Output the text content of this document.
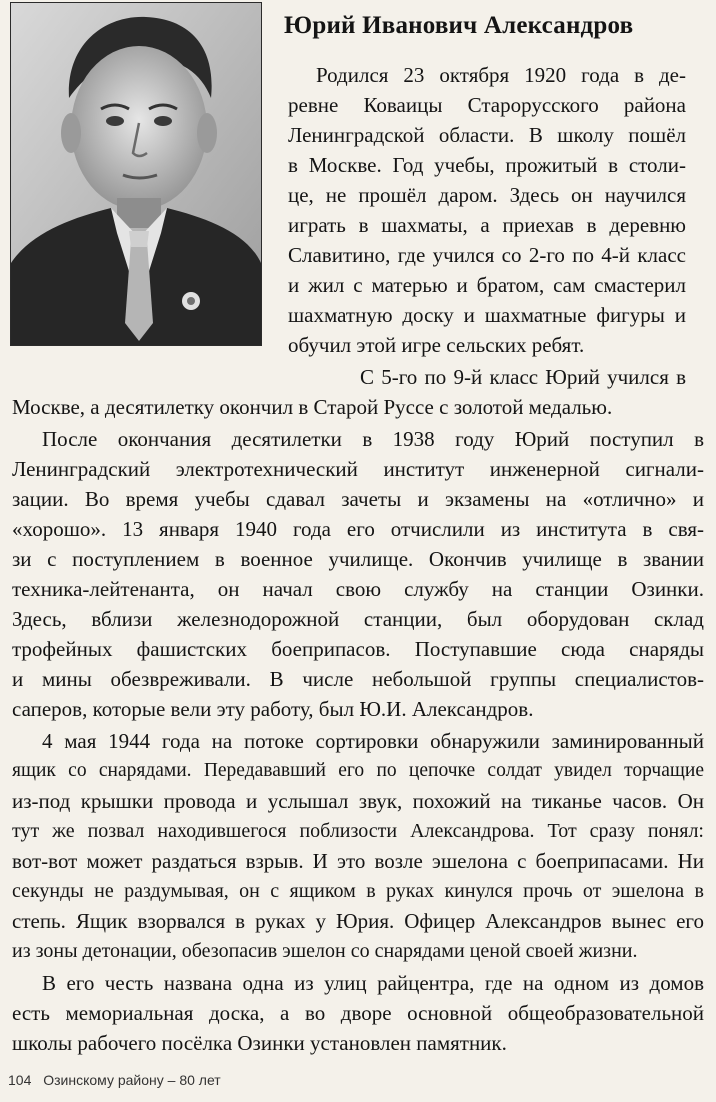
Юрий Иванович Александров
Родился 23 октября 1920 года в де-
ревне Коваицы Старорусского района
Ленинградской области. В школу пошёл
в Москве. Год учебы, прожитый в столи-
це, не прошёл даром. Здесь он научился
играть в шахматы, а приехав в деревню
Славитино, где учился со 2-го по 4-й класс
и жил с матерью и братом, сам смастерил
шахматную доску и шахматные фигуры и
обучил этой игре сельских ребят.
С 5-го по 9-й класс Юрий учился в
Москве, а десятилетку окончил в Старой Руссе с золотой медалью.
После окончания десятилетки в 1938 году Юрий поступил в
Ленинградский электротехнический институт инженерной сигнали-
зации. Во время учебы сдавал зачеты и экзамены на «отлично» и
«хорошо». 13 января 1940 года его отчислили из института в свя-
зи с поступлением в военное училище. Окончив училище в звании
техника-лейтенанта, он начал свою службу на станции Озинки.
Здесь, вблизи железнодорожной станции, был оборудован склад
трофейных фашистских боеприпасов. Поступавшие сюда снаряды
и мины обезвреживали. В числе небольшой группы специалистов-
саперов, которые вели эту работу, был Ю.И. Александров.
4 мая 1944 года на потоке сортировки обнаружили заминированный
ящик со снарядами. Передававший его по цепочке солдат увидел торчащие
из-под крышки провода и услышал звук, похожий на тиканье часов. Он
тут же позвал находившегося поблизости Александрова. Тот сразу понял:
вот-вот может раздаться взрыв. И это возле эшелона с боеприпасами. Ни
секунды не раздумывая, он с ящиком в руках кинулся прочь от эшелона в
степь. Ящик взорвался в руках у Юрия. Офицер Александров вынес его
из зоны детонации, обезопасив эшелон со снарядами ценой своей жизни.
В его честь названа одна из улиц райцентра, где на одном из домов
есть мемориальная доска, а во дворе основной общеобразовательной
школы рабочего посёлка Озинки установлен памятник.
104 Озинскому району – 80 лет
